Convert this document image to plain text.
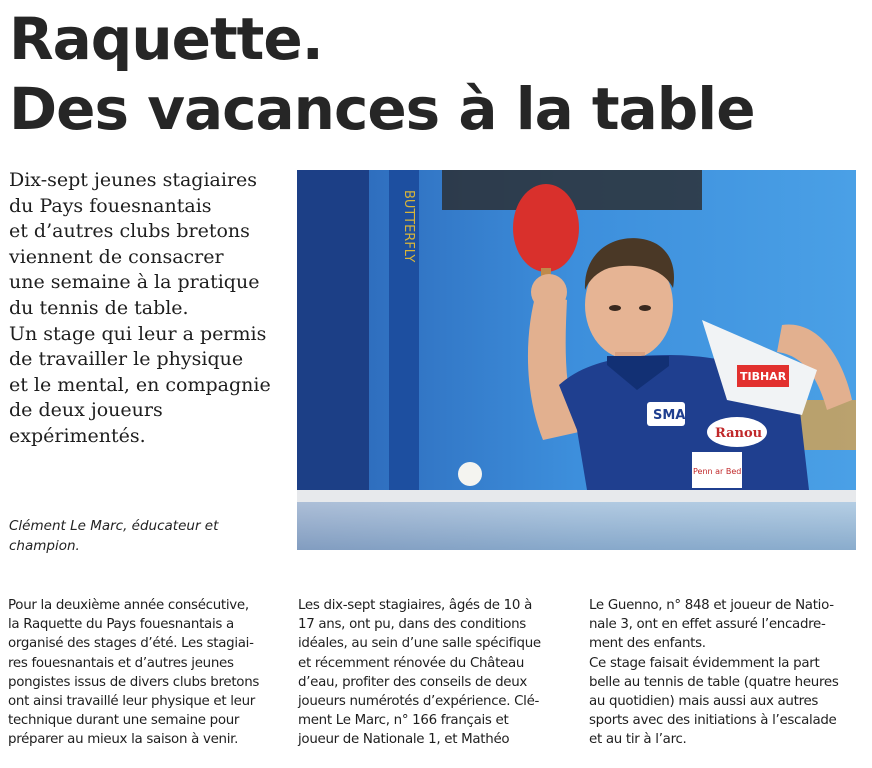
Raquette.
Des vacances à la table
Dix-sept jeunes stagiaires
du Pays fouesnantais
et d’autres clubs bretons
viennent de consacrer
une semaine à la pratique
du tennis de table.
Un stage qui leur a permis
de travailler le physique
et le mental, en compagnie
de deux joueurs
expérimentés.
Clément Le Marc, éducateur et
champion.
BUTTERFLY
SMA
Ranou
TIBHAR
Penn ar Bed
Pour la deuxième année consécutive,
la Raquette du Pays fouesnantais a
organisé des stages d’été. Les stagiai-
res fouesnantais et d’autres jeunes
pongistes issus de divers clubs bretons
ont ainsi travaillé leur physique et leur
technique durant une semaine pour
préparer au mieux la saison à venir.
Les dix-sept stagiaires, âgés de 10 à
17 ans, ont pu, dans des conditions
idéales, au sein d’une salle spécifique
et récemment rénovée du Château
d’eau, profiter des conseils de deux
joueurs numérotés d’expérience. Clé-
ment Le Marc, n° 166 français et
joueur de Nationale 1, et Mathéo
Le Guenno, n° 848 et joueur de Natio-
nale 3, ont en effet assuré l’encadre-
ment des enfants.
Ce stage faisait évidemment la part
belle au tennis de table (quatre heures
au quotidien) mais aussi aux autres
sports avec des initiations à l’escalade
et au tir à l’arc.
